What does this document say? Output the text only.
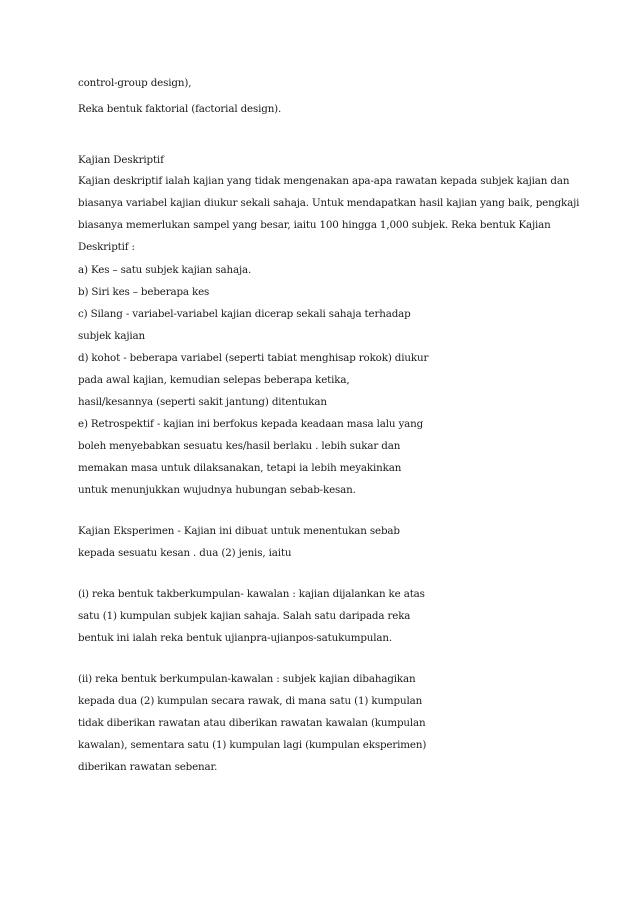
control-group design),
Reka bentuk faktorial (factorial design).
Kajian Deskriptif
Kajian deskriptif ialah kajian yang tidak mengenakan apa-apa rawatan kepada subjek kajian dan
biasanya variabel kajian diukur sekali sahaja. Untuk mendapatkan hasil kajian yang baik, pengkaji
biasanya memerlukan sampel yang besar, iaitu 100 hingga 1,000 subjek. Reka bentuk Kajian
Deskriptif :
a) Kes – satu subjek kajian sahaja.
b) Siri kes – beberapa kes
c) Silang - variabel-variabel kajian dicerap sekali sahaja terhadap
subjek kajian
d) kohot - beberapa variabel (seperti tabiat menghisap rokok) diukur
pada awal kajian, kemudian selepas beberapa ketika,
hasil/kesannya (seperti sakit jantung) ditentukan
e) Retrospektif - kajian ini berfokus kepada keadaan masa lalu yang
boleh menyebabkan sesuatu kes/hasil berlaku . lebih sukar dan
memakan masa untuk dilaksanakan, tetapi ia lebih meyakinkan
untuk menunjukkan wujudnya hubungan sebab-kesan.
Kajian Eksperimen - Kajian ini dibuat untuk menentukan sebab
kepada sesuatu kesan . dua (2) jenis, iaitu
(i) reka bentuk takberkumpulan- kawalan : kajian dijalankan ke atas
satu (1) kumpulan subjek kajian sahaja. Salah satu daripada reka
bentuk ini ialah reka bentuk ujianpra-ujianpos-satukumpulan.
(ii) reka bentuk berkumpulan-kawalan : subjek kajian dibahagikan
kepada dua (2) kumpulan secara rawak, di mana satu (1) kumpulan
tidak diberikan rawatan atau diberikan rawatan kawalan (kumpulan
kawalan), sementara satu (1) kumpulan lagi (kumpulan eksperimen)
diberikan rawatan sebenar.
